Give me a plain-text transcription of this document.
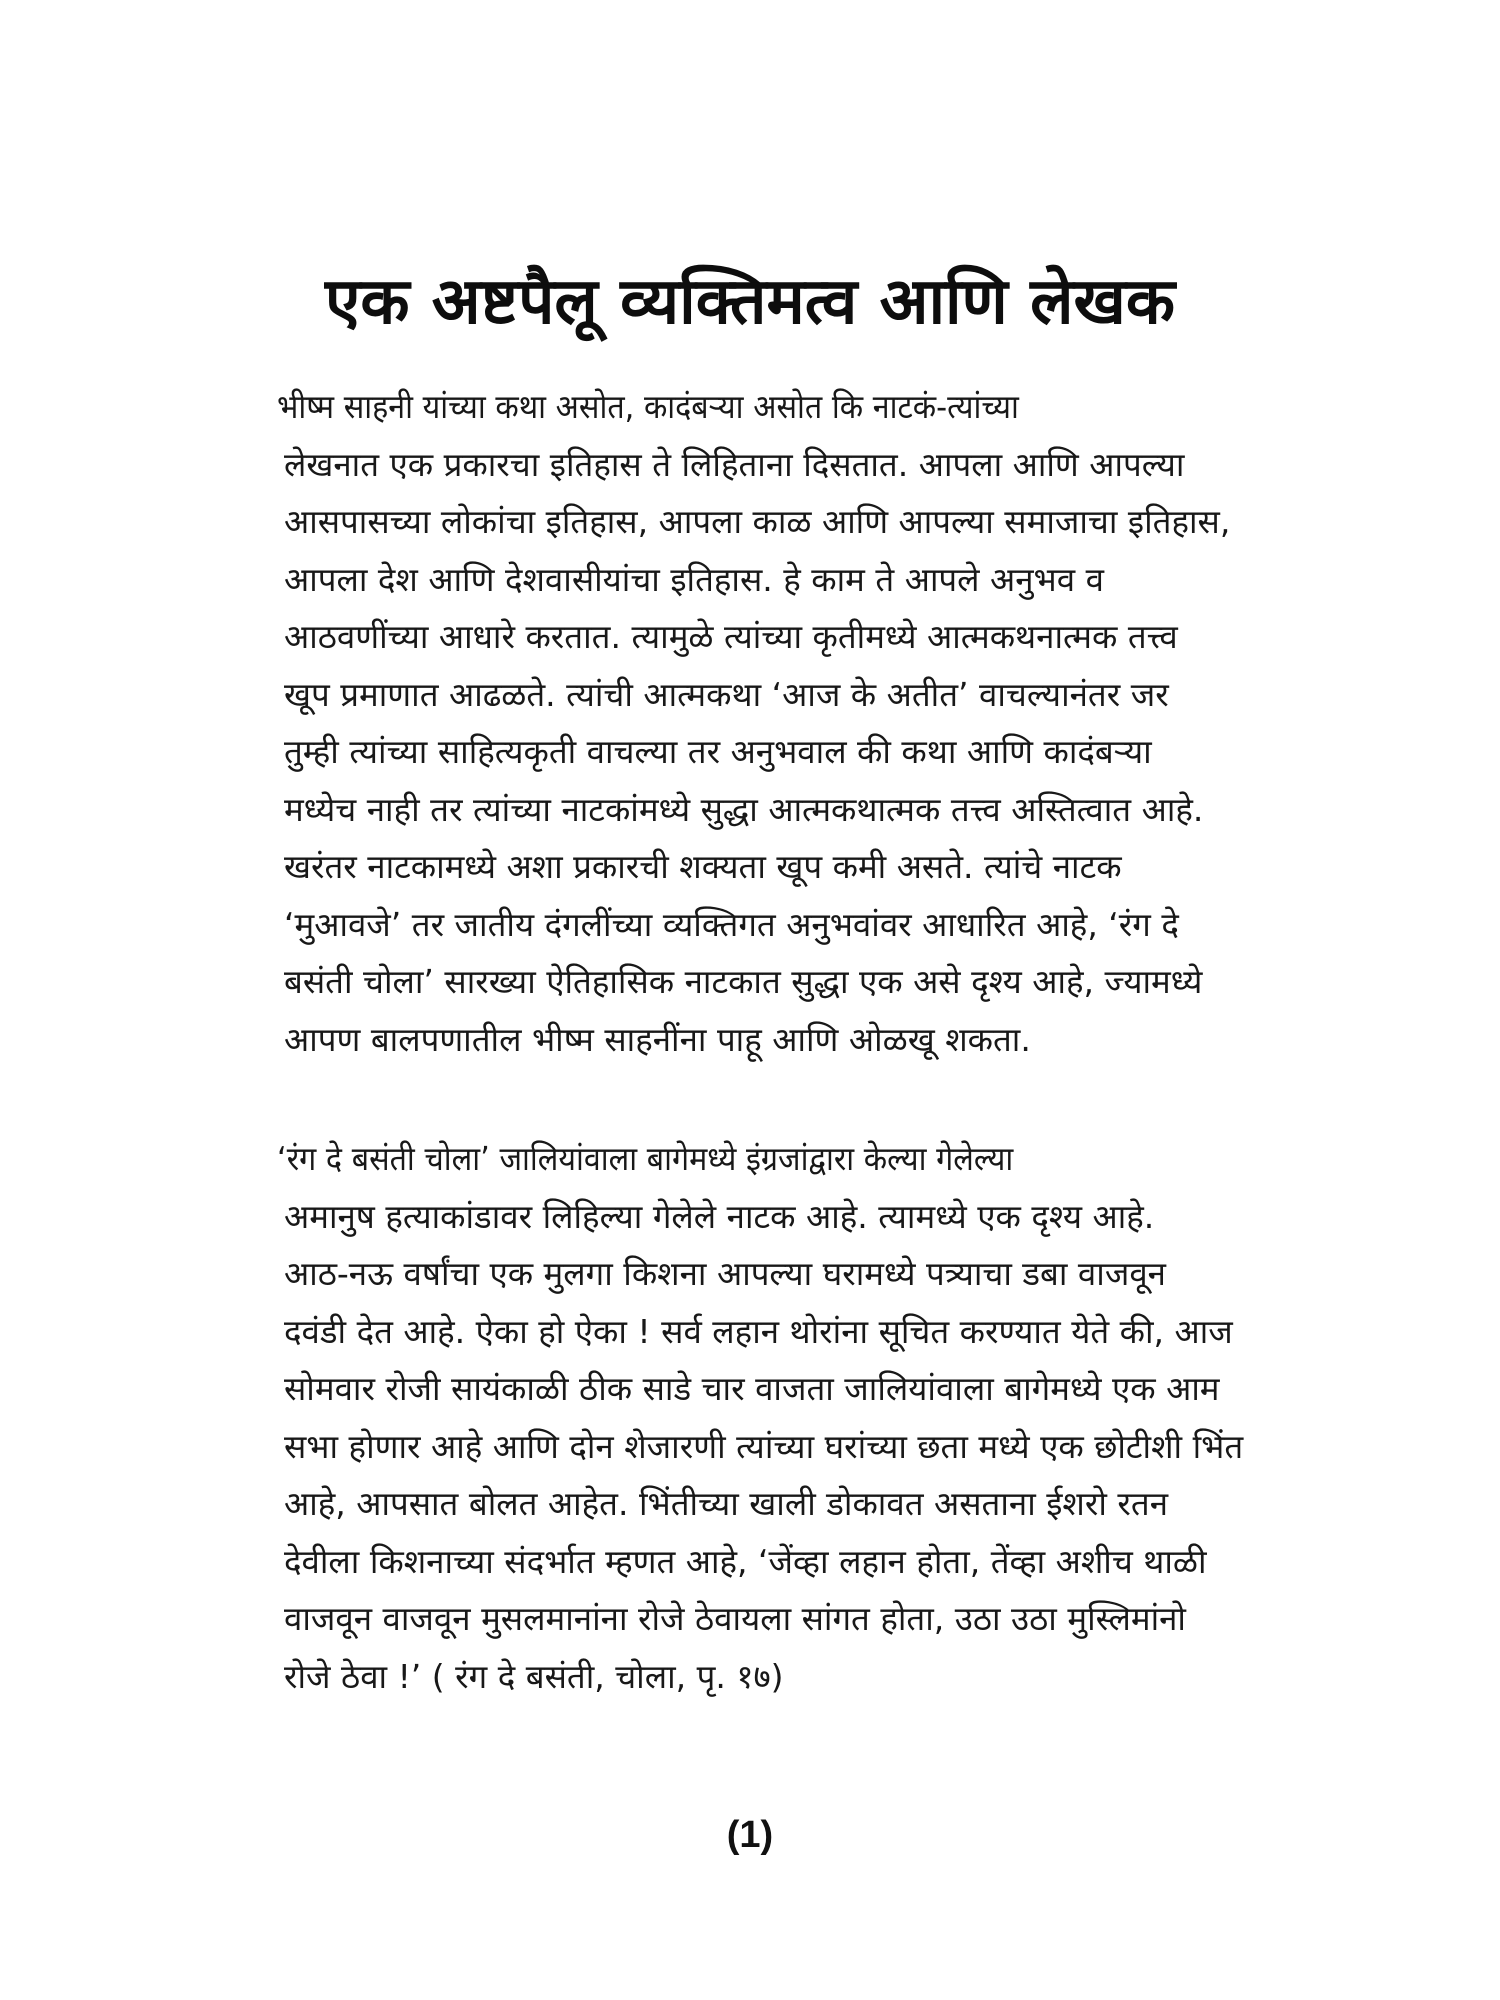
एक अष्टपैलू व्यक्तिमत्व आणि लेखक
भीष्म साहनी यांच्या कथा असोत, कादंबऱ्या असोत कि नाटकं-त्यांच्या
लेखनात एक प्रकारचा इतिहास ते लिहिताना दिसतात. आपला आणि आपल्या
आसपासच्या लोकांचा इतिहास, आपला काळ आणि आपल्या समाजाचा इतिहास,
आपला देश आणि देशवासीयांचा इतिहास. हे काम ते आपले अनुभव व
आठवणींच्या आधारे करतात. त्यामुळे त्यांच्या कृतीमध्ये आत्मकथनात्मक तत्त्व
खूप प्रमाणात आढळते. त्यांची आत्मकथा ‘आज के अतीत’ वाचल्यानंतर जर
तुम्ही त्यांच्या साहित्यकृती वाचल्या तर अनुभवाल की कथा आणि कादंबऱ्या
मध्येच नाही तर त्यांच्या नाटकांमध्ये सुद्धा आत्मकथात्मक तत्त्व अस्तित्वात आहे.
खरंतर नाटकामध्ये अशा प्रकारची शक्यता खूप कमी असते. त्यांचे नाटक
‘मुआवजे’ तर जातीय दंगलींच्या व्यक्तिगत अनुभवांवर आधारित आहे, ‘रंग दे
बसंती चोला’ सारख्या ऐतिहासिक नाटकात सुद्धा एक असे दृश्य आहे, ज्यामध्ये
आपण बालपणातील भीष्म साहनींना पाहू आणि ओळखू शकता.
‘रंग दे बसंती चोला’ जालियांवाला बागेमध्ये इंग्रजांद्वारा केल्या गेलेल्या
अमानुष हत्याकांडावर लिहिल्या गेलेले नाटक आहे. त्यामध्ये एक दृश्य आहे.
आठ-नऊ वर्षांचा एक मुलगा किशना आपल्या घरामध्ये पत्र्याचा डबा वाजवून
दवंडी देत आहे. ऐका हो ऐका ! सर्व लहान थोरांना सूचित करण्यात येते की, आज
सोमवार रोजी सायंकाळी ठीक साडे चार वाजता जालियांवाला बागेमध्ये एक आम
सभा होणार आहे आणि दोन शेजारणी त्यांच्या घरांच्या छता मध्ये एक छोटीशी भिंत
आहे, आपसात बोलत आहेत. भिंतीच्या खाली डोकावत असताना ईशरो रतन
देवीला किशनाच्या संदर्भात म्हणत आहे, ‘जेंव्हा लहान होता, तेंव्हा अशीच थाळी
वाजवून वाजवून मुसलमानांना रोजे ठेवायला सांगत होता, उठा उठा मुस्लिमांनो
रोजे ठेवा !’ ( रंग दे बसंती, चोला, पृ. १७)
(1)
